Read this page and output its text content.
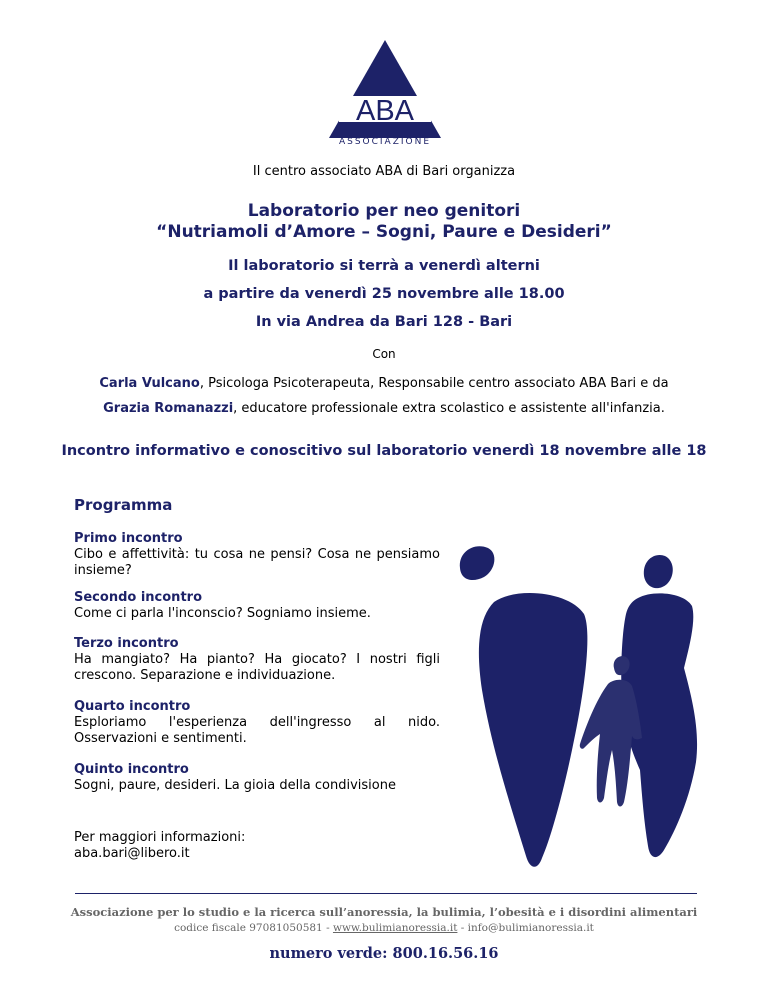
ABA
ASSOCIAZIONE
Il centro associato ABA di Bari organizza
Laboratorio per neo genitori
“Nutriamoli d’Amore – Sogni, Paure e Desideri”
Il laboratorio si terrà a venerdì alterni
a partire da venerdì 25 novembre alle 18.00
In via Andrea da Bari 128 - Bari
Con
Carla Vulcano, Psicologa Psicoterapeuta, Responsabile centro associato ABA Bari e da
Grazia Romanazzi, educatore professionale extra scolastico e assistente all'infanzia.
Incontro informativo e conoscitivo sul laboratorio venerdì 18 novembre alle 18
Programma
Primo incontro
Cibo e affettività: tu cosa ne pensi? Cosa ne pensiamo insieme?
Secondo incontro
Come ci parla l'inconscio? Sogniamo insieme.
Terzo incontro
Ha mangiato? Ha pianto? Ha giocato? I nostri figli crescono. Separazione e individuazione.
Quarto incontro
Esploriamo l'esperienza dell'ingresso al nido. Osservazioni e sentimenti.
Quinto incontro
Sogni, paure, desideri. La gioia della condivisione
Per maggiori informazioni:
aba.bari@libero.it
Associazione per lo studio e la ricerca sull’anoressia, la bulimia, l’obesità e i disordini alimentari
codice fiscale 97081050581 - www.bulimianoressia.it - info@bulimianoressia.it
numero verde: 800.16.56.16
